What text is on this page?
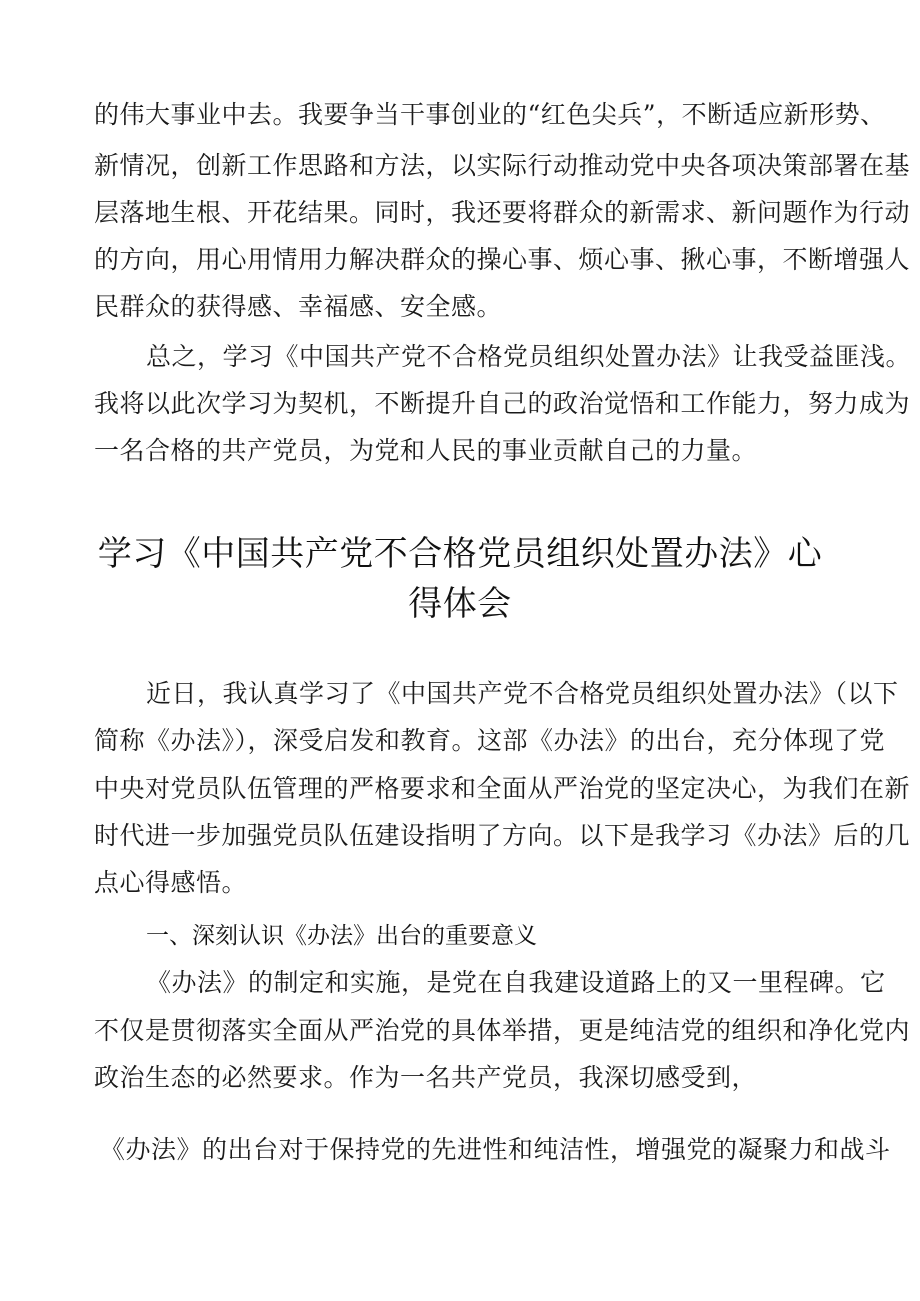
的伟大事业中去。我要争当干事创业的“红色尖兵”，不断适应新形势、
新情况，创新工作思路和方法，以实际行动推动党中央各项决策部署在基
层落地生根、开花结果。同时，我还要将群众的新需求、新问题作为行动
的方向，用心用情用力解决群众的操心事、烦心事、揪心事，不断增强人
民群众的获得感、幸福感、安全感。
总之，学习《中国共产党不合格党员组织处置办法》让我受益匪浅。
我将以此次学习为契机，不断提升自己的政治觉悟和工作能力，努力成为
一名合格的共产党员，为党和人民的事业贡献自己的力量。
学习《中国共产党不合格党员组织处置办法》心
得体会
近日，我认真学习了《中国共产党不合格党员组织处置办法》（以下
简称《办法》），深受启发和教育。这部《办法》的出台，充分体现了党
中央对党员队伍管理的严格要求和全面从严治党的坚定决心，为我们在新
时代进一步加强党员队伍建设指明了方向。以下是我学习《办法》后的几
点心得感悟。
一、深刻认识《办法》出台的重要意义
《办法》的制定和实施，是党在自我建设道路上的又一里程碑。它
不仅是贯彻落实全面从严治党的具体举措，更是纯洁党的组织和净化党内
政治生态的必然要求。作为一名共产党员，我深切感受到，
《办法》的出台对于保持党的先进性和纯洁性，增强党的凝聚力和战斗
